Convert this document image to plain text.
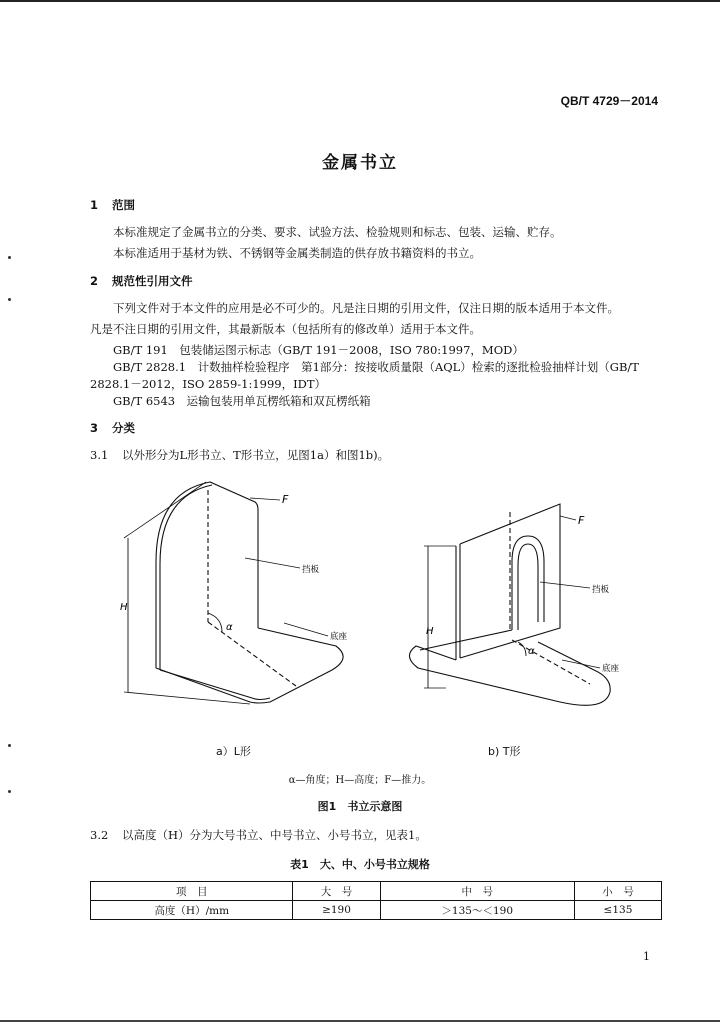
QB/T 4729－2014
金属书立
1 范围
本标准规定了金属书立的分类、要求、试验方法、检验规则和标志、包装、运输、贮存。
本标准适用于基材为铁、不锈钢等金属类制造的供存放书籍资料的书立。
2 规范性引用文件
下列文件对于本文件的应用是必不可少的。凡是注日期的引用文件，仅注日期的版本适用于本文件。
凡是不注日期的引用文件，其最新版本（包括所有的修改单）适用于本文件。
GB/T 191　包装储运图示标志（GB/T 191－2008，ISO 780:1997，MOD）
GB/T 2828.1　计数抽样检验程序　第1部分：按接收质量限（AQL）检索的逐批检验抽样计划（GB/T
2828.1－2012，ISO 2859-1:1999，IDT）
GB/T 6543　运输包装用单瓦楞纸箱和双瓦楞纸箱
3 分类
3.1 以外形分为L形书立、T形书立，见图1a）和图1b)。
F
挡板
底座
H
α
F
挡板
底座
H
α
a）L形	b) T形
α—角度；H—高度；F—推力。
图1　书立示意图
3.2 以高度（H）分为大号书立、中号书立、小号书立，见表1。
表1　大、中、小号书立规格
项　目	大　号	中　号	小　号
高度（H）/mm	≥190	＞135～＜190	≤135
1
